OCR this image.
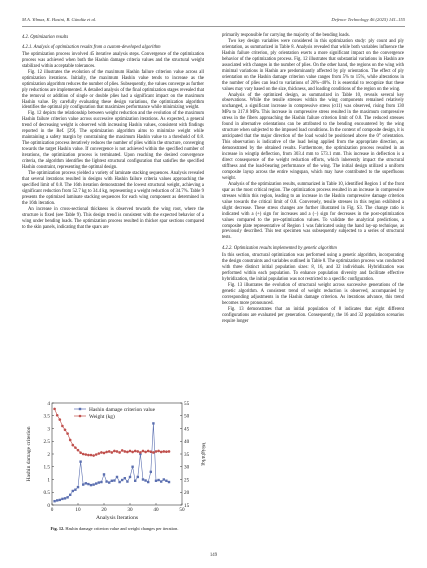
M.A. Yilmaz, K. Hasini, B. Gündüz et al.	Defence Technology 46 (2025) 141–155
4.2. Optimization results
4.2.1. Analysis of optimization results from a custom-developed algorithm

The optimization process involved 45 iterative analysis steps. Convergence of the optimization process was achieved when both the Hashin damage criteria values and the structural weight stabilized within acceptable tolerances.

Fig. 12 illustrates the evolution of the maximum Hashin failure criterion value across all optimization iterations. Initially, the maximum Hashin value tends to increase as the optimization algorithm reduces the number of plies. Subsequently, the values converge as further ply reductions are implemented. A detailed analysis of the final optimization stages revealed that the removal or addition of single or double plies had a significant impact on the maximum Hashin value. By carefully evaluating these design variations, the optimization algorithm identifies the optimal ply configuration that maximizes performance while minimizing weight.

Fig. 12 depicts the relationship between weight reduction and the evolution of the maximum Hashin failure criterion value across successive optimization iterations. As expected, a general trend of decreasing weight is observed with increasing Hashin values, consistent with findings reported in the Ref. [29]. The optimization algorithm aims to minimize weight while maintaining a safety margin by constraining the maximum Hashin value to a threshold of 0.8. The optimization process iteratively reduces the number of plies within the structure, converging towards the target Hashin value. If convergence is not achieved within the specified number of iterations, the optimization process is terminated. Upon reaching the desired convergence criteria, the algorithm identifies the lightest structural configuration that satisfies the specified Hashin constraint, representing the optimal design.

The optimization process yielded a variety of laminate stacking sequences. Analysis revealed that several iterations resulted in designs with Hashin failure criteria values approaching the specified limit of 0.8. The 16th iteration demonstrated the lowest structural weight, achieving a significant reduction from 52.7 kg to 34.4 kg, representing a weight reduction of 34.7%. Table 9 presents the optimized laminate stacking sequences for each wing component as determined in the 16th iteration.

An increase in cross-sectional thickness is observed towards the wing root, where the structure is fixed (see Table 9). This design trend is consistent with the expected behavior of a wing under bending loads. The optimization process resulted in thicker spar sections compared to the skin panels, indicating that the spars are

primarily responsible for carrying the majority of the bending loads.

Two key design variables were considered in this optimization study: ply count and ply orientation, as summarized in Table 8. Analysis revealed that while both variables influence the Hashin failure criterion, ply orientation exerts a more significant impact on the convergence behavior of the optimization process. Fig. 12 illustrates that substantial variations in Hashin are associated with changes in the number of plies. On the other hand, the regions on the wing with minimal variations in Hashin are predominantly affected by ply orientation. The effect of ply orientation on the Hashin damage criterion value ranges from 5% to 15%, while alterations in the number of plies can lead to variations of 20%–40%. It is essential to recognize that these values may vary based on the size, thickness, and loading conditions of the region on the wing.

Analysis of the optimized design, as summarized in Table 10, reveals several key observations. While the tensile stresses within the wing components remained relatively unchanged, a significant increase in compressive stress (σ11) was observed, rising from 130 MPa to 317.8 MPa. This increase in compressive stress resulted in the maximum compressive stress in the fibers approaching the Hashin failure criterion limit of 0.8. The reduced stresses found in alternative orientations can be attributed to the bending encountered by the wing structure when subjected to the imposed load conditions. In the context of composite design, it is anticipated that the major direction of the load would be positioned above the 0° orientation. This observation is indicative of the load being applied from the appropriate direction, as demonstrated by the obtained results. Furthermore, the optimization process resulted in an increase in wingtip deflection, from 303.4 mm to 573.1 mm. This increase in deflection is a direct consequence of the weight reduction efforts, which inherently impact the structural stiffness and the load-bearing performance of the wing. The initial design utilized a uniform composite layup across the entire wingspan, which may have contributed to the superfluous weight.

Analysis of the optimization results, summarized in Table 10, identified Region 1 of the front spar as the most critical region. The optimization process resulted in an increase in compressive stresses within this region, leading to an increase in the Hashin compressive damage criterion value towards the critical limit of 0.8. Conversely, tensile stresses in this region exhibited a slight decrease. These stress changes are further illustrated in Fig. S3. The change ratio is indicated with a (+) sign for increases and a (−) sign for decreases in the post-optimization values compared to the pre-optimization values. To validate the analytical predictions, a composite plate representative of Region 1 was fabricated using the hand lay-up technique, as previously described. This test specimen was subsequently subjected to a series of structural tests.

4.2.2. Optimization results implemented by genetic algorithm

In this section, structural optimization was performed using a genetic algorithm, incorporating the design constraints and variables outlined in Table 8. The optimization process was conducted with three distinct initial population sizes: 8, 16, and 32 individuals. Hybridization was performed within each population. To enhance population diversity and facilitate effective hybridization, the initial population was not restricted to a specific configuration.

Fig. 13 illustrates the evolution of structural weight across successive generations of the genetic algorithm. A consistent trend of weight reduction is observed, accompanied by corresponding adjustments in the Hashin damage criterion. As iterations advance, this trend becomes more pronounced.

Fig. 13 demonstrates that an initial population of 8 indicates that eight different configurations are evaluated per generation. Consequently, the 16 and 32 population scenarios require longer

0	10	20	30	40	50
0
0.5
1
1.5
2
2.5
3
3.5
4
15
20
25
30
35
40
45
50
55
Analysis Iterations
Hashin damage criterion	Weight/kg
Hashin damage criterion value
Weight (kg)
Fig. 12. Hashin damage criterion value and weight changes per iteration.
149
